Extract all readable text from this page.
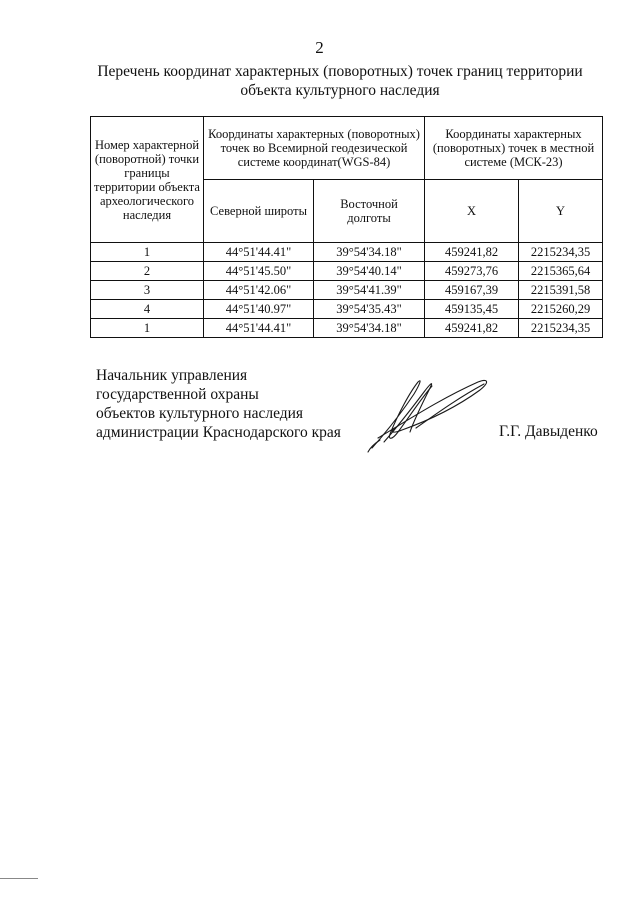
2
Перечень координат характерных (поворотных) точек границ территории
объекта культурного наследия
Номер характерной (поворотной) точки границы территории объекта археологического наследия	Координаты характерных (поворотных) точек во Всемирной геодезической системе координат(WGS-84)		Координаты характерных (поворотных) точек в местной системе (МСК-23)	
	Северной широты	Восточной долготы	X	Y
1	44°51'44.41"	39°54'34.18"	459241,82	2215234,35
2	44°51'45.50"	39°54'40.14"	459273,76	2215365,64
3	44°51'42.06"	39°54'41.39"	459167,39	2215391,58
4	44°51'40.97"	39°54'35.43"	459135,45	2215260,29
1	44°51'44.41"	39°54'34.18"	459241,82	2215234,35
Начальник управления
государственной охраны
объектов культурного наследия
администрации Краснодарского края	Г.Г. Давыденко
